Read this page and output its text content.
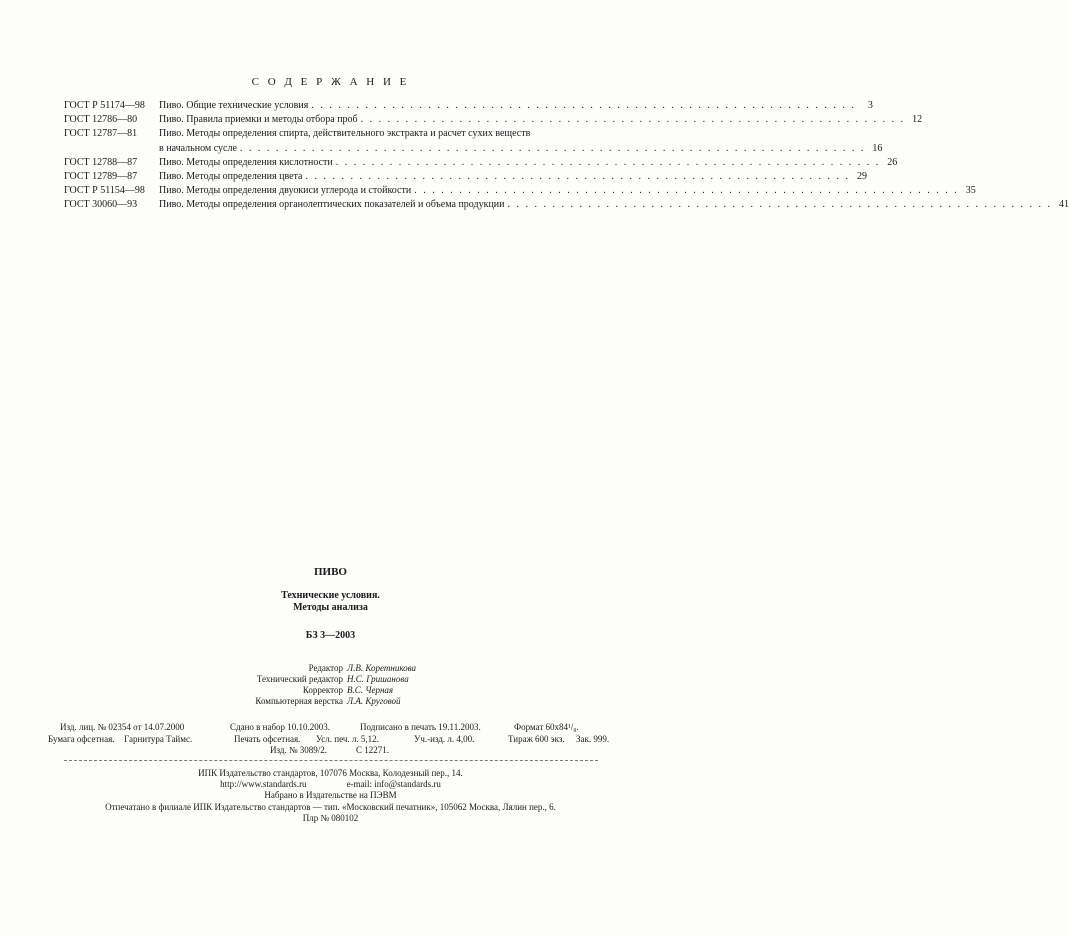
С О Д Е Р Ж А Н И Е
ГОСТ Р 51174—98	Пиво. Общие технические условия . . . . . . . . . . . . . . . . . . . . . . . . . . . . . . . . . . . . . . . . . . . . . . . . . . . . . . . . . . . . .	3
ГОСТ 12786—80	Пиво. Правила приемки и методы отбора проб . . . . . . . . . . . . . . . . . . . . . . . . . . . . . . . . . . . . . . . . . . . . . . . . . . . . . . . . . . . . . 12
ГОСТ 12787—81	Пиво. Методы определения спирта, действительного экстракта и расчет сухих веществ
в начальном сусле . . . . . . . . . . . . . . . . . . . . . . . . . . . . . . . . . . . . . . . . . . . . . . . . . . . . . . . . . . . . . . . . . . . . . . 16
ГОСТ 12788—87	Пиво. Методы определения кислотности . . . . . . . . . . . . . . . . . . . . . . . . . . . . . . . . . . . . . . . . . . . . . . . . . . . . . . . . . . . . . 26
ГОСТ 12789—87	Пиво. Методы определения цвета . . . . . . . . . . . . . . . . . . . . . . . . . . . . . . . . . . . . . . . . . . . . . . . . . . . . . . . . . . . . . 29
ГОСТ Р 51154—98	Пиво. Методы определения двуокиси углерода и стойкости . . . . . . . . . . . . . . . . . . . . . . . . . . . . . . . . . . . . . . . . . . . . . . . . . . . . . . . . . . . . . 35
ГОСТ 30060—93	Пиво. Методы определения органолептических показателей и объема продукции . . . . . . . . . . . . . . . . . . . . . . . . . . . . . . . . . . . . . . . . . . . . . . . . . . . . . . . . . . . . . 41
ПИВО
Технические условия.
Методы анализа
БЗ 3—2003
Редактор Л.В. Коретникова
Технический редактор Н.С. Гришанова
Корректор В.С. Черная
Компьютерная верстка Л.А. Круговой
Изд. лиц. № 02354 от 14.07.2000	Сдано в набор 10.10.2003.	Подписано в печать 19.11.2003.	Формат 60х84¹/₈.
Бумага офсетная. Гарнитура Таймс.	Печать офсетная. Усл. печ. л. 5,12.	Уч.-изд. л. 4,00.	Тираж 600 экз. Зак. 999.
Изд. № 3089/2.	С 12271.
ИПК Издательство стандартов, 107076 Москва, Колодезный пер., 14.
http://www.standards.ru	e-mail: info@standards.ru
Набрано в Издательстве на ПЭВМ
Отпечатано в филиале ИПК Издательство стандартов — тип. «Московский печатник», 105062 Москва, Лялин пер., 6.
Плр № 080102
